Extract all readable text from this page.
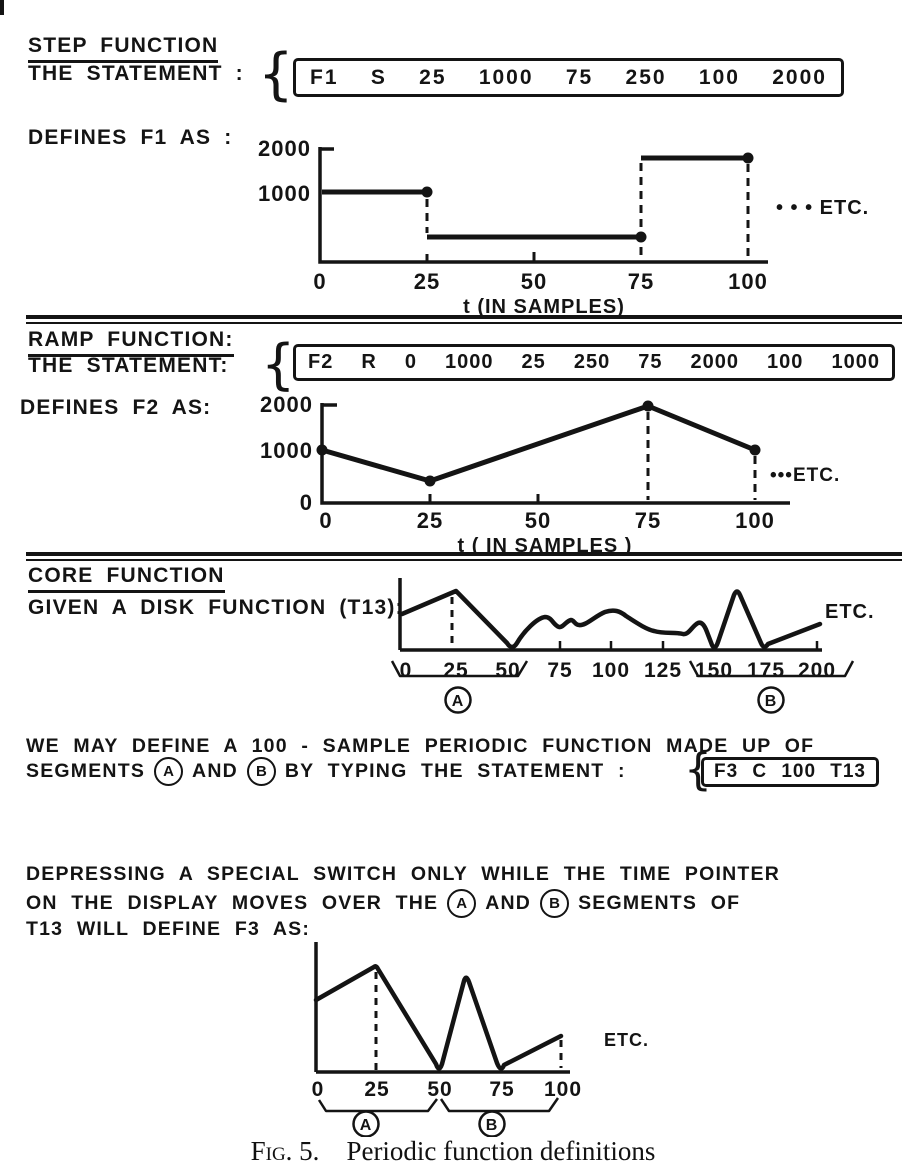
STEP FUNCTION
THE STATEMENT : { F1 S 25 1000 75 250 100 2000
DEFINES F1 AS : 2000
1000
0	25	50	75	100
• • • ETC.
t (IN SAMPLES)
RAMP FUNCTION:
THE STATEMENT: { F2 R 0 1000 25 250 75 2000 100 1000
DEFINES F2 AS: 2000
1000
0
0	25	50	75	100
•••ETC.
t ( IN SAMPLES )
CORE FUNCTION
GIVEN A DISK FUNCTION (T13):
0 25 50 75 100 125 150 175 200
A	B
ETC.
WE MAY DEFINE A 100 - SAMPLE PERIODIC FUNCTION MADE UP OF
SEGMENTS A AND B BY TYPING THE STATEMENT : { F3 C 100 T13
DEPRESSING A SPECIAL SWITCH ONLY WHILE THE TIME POINTER
ON THE DISPLAY MOVES OVER THE A AND B SEGMENTS OF
T13 WILL DEFINE F3 AS:
0 25 50 75 100
A	B
ETC.
Fig. 5. Periodic function definitions
